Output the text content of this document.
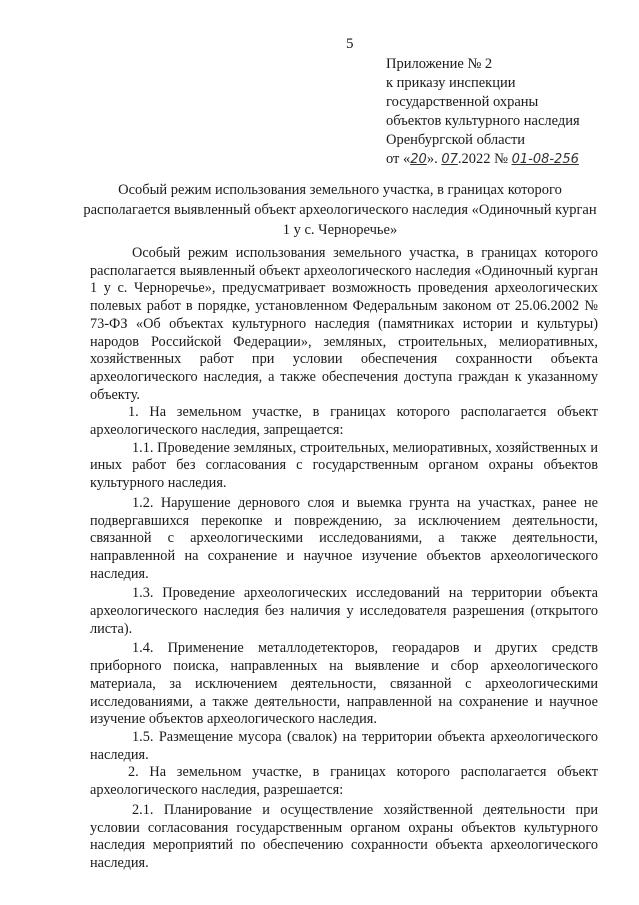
5
Приложение № 2
к приказу инспекции
государственной охраны
объектов культурного наследия
Оренбургской области
от «20». 07.2022 № 01-08-256
Особый режим использования земельного участка, в границах которого располагается выявленный объект археологического наследия «Одиночный курган 1 у с. Черноречье»

Особый режим использования земельного участка, в границах которого располагается выявленный объект археологического наследия «Одиночный курган 1 у с. Черноречье», предусматривает возможность проведения археологических полевых работ в порядке, установленном Федеральным законом от 25.06.2002 № 73-ФЗ «Об объектах культурного наследия (памятниках истории и культуры) народов Российской Федерации», земляных, строительных, мелиоративных, хозяйственных работ при условии обеспечения сохранности объекта археологического наследия, а также обеспечения доступа граждан к указанному объекту.

1. На земельном участке, в границах которого располагается объект археологического наследия, запрещается:

1.1. Проведение земляных, строительных, мелиоративных, хозяйственных и иных работ без согласования с государственным органом охраны объектов культурного наследия.

1.2. Нарушение дернового слоя и выемка грунта на участках, ранее не подвергавшихся перекопке и повреждению, за исключением деятельности, связанной с археологическими исследованиями, а также деятельности, направленной на сохранение и научное изучение объектов археологического наследия.

1.3. Проведение археологических исследований на территории объекта археологического наследия без наличия у исследователя разрешения (открытого листа).

1.4. Применение металлодетекторов, георадаров и других средств приборного поиска, направленных на выявление и сбор археологического материала, за исключением деятельности, связанной с археологическими исследованиями, а также деятельности, направленной на сохранение и научное изучение объектов археологического наследия.

1.5. Размещение мусора (свалок) на территории объекта археологического наследия.

2. На земельном участке, в границах которого располагается объект археологического наследия, разрешается:

2.1. Планирование и осуществление хозяйственной деятельности при условии согласования государственным органом охраны объектов культурного наследия мероприятий по обеспечению сохранности объекта археологического наследия.
